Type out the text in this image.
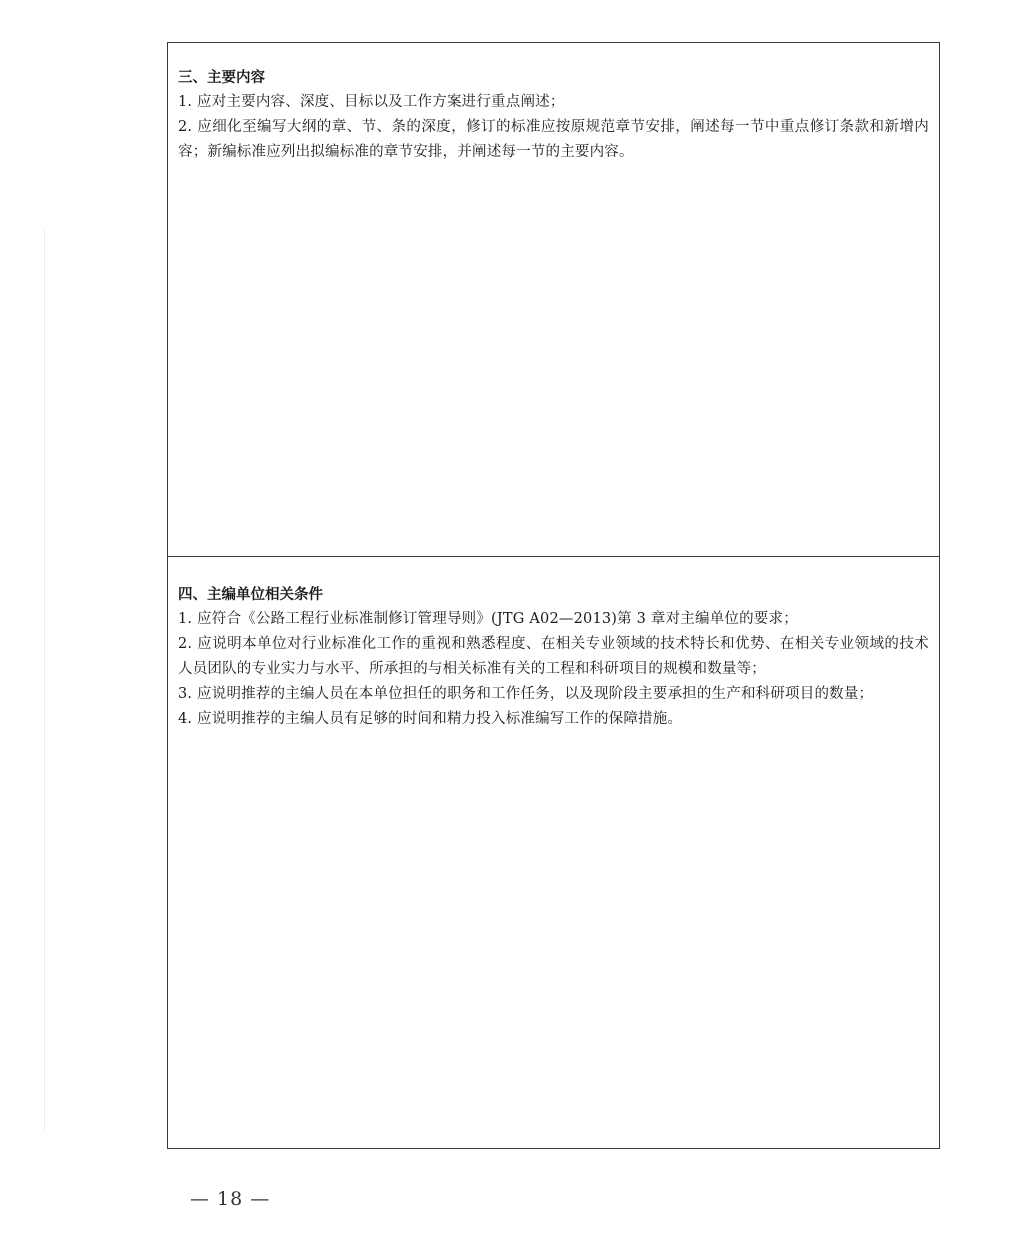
三、主要内容

1. 应对主要内容、深度、目标以及工作方案进行重点阐述；

2. 应细化至编写大纲的章、节、条的深度，修订的标准应按原规范章节安排，阐述每一节中重点修订条款和新增内容；新编标准应列出拟编标准的章节安排，并阐述每一节的主要内容。

四、主编单位相关条件

1. 应符合《公路工程行业标准制修订管理导则》(JTG A02—2013)第 3 章对主编单位的要求；

2. 应说明本单位对行业标准化工作的重视和熟悉程度、在相关专业领域的技术特长和优势、在相关专业领域的技术人员团队的专业实力与水平、所承担的与相关标准有关的工程和科研项目的规模和数量等；

3. 应说明推荐的主编人员在本单位担任的职务和工作任务，以及现阶段主要承担的生产和科研项目的数量；

4. 应说明推荐的主编人员有足够的时间和精力投入标准编写工作的保障措施。

— 18 —
